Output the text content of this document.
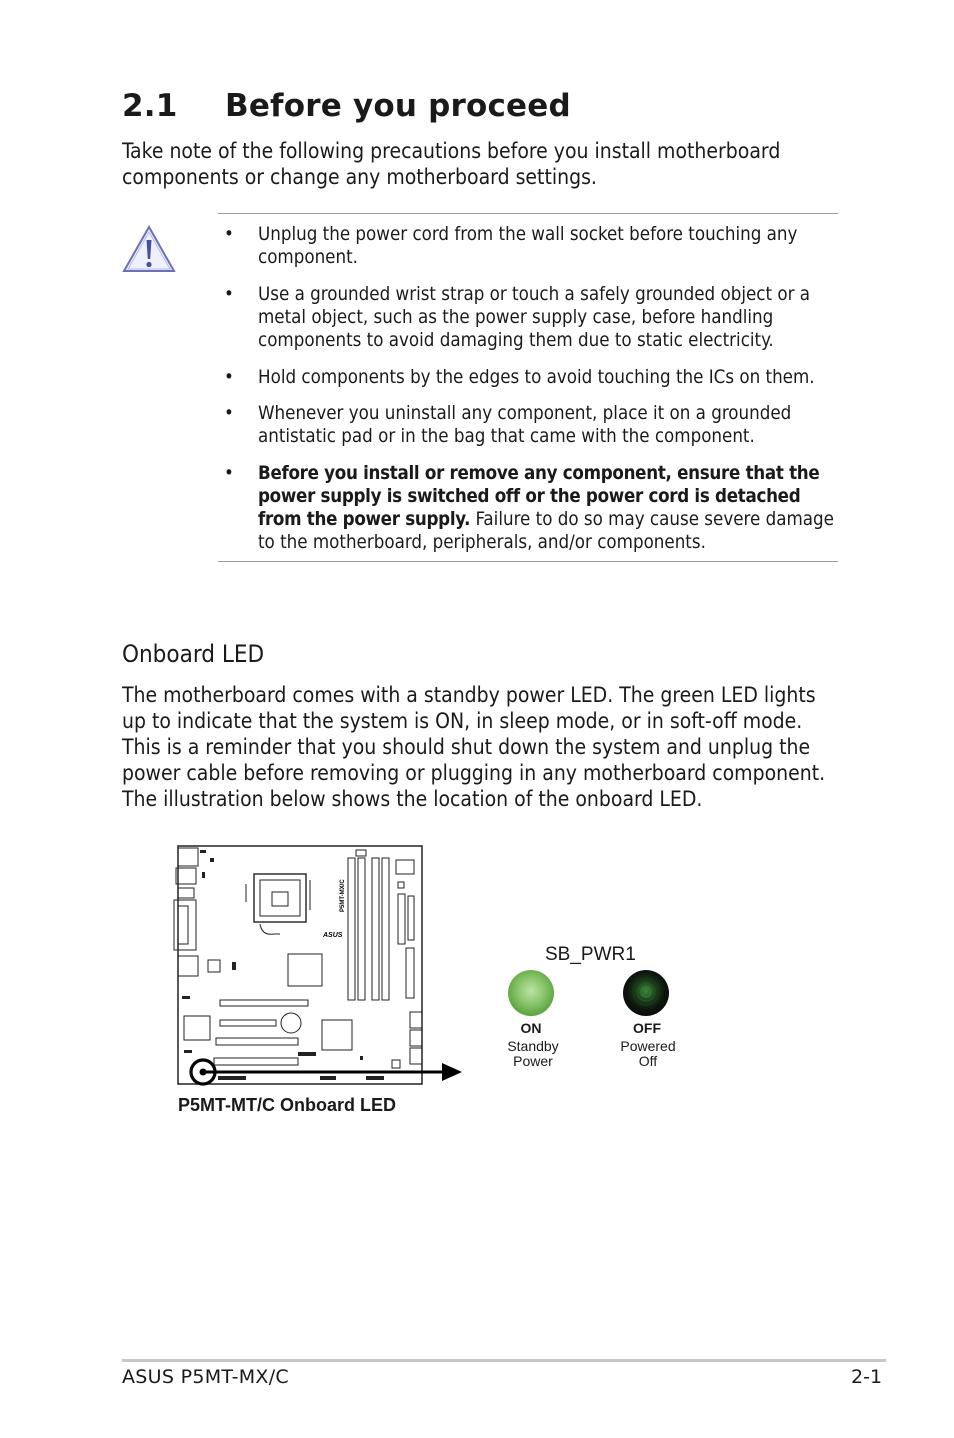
2.1 Before you proceed
Take note of the following precautions before you install motherboard components or change any motherboard settings.
• Unplug the power cord from the wall socket before touching any component.
• Use a grounded wrist strap or touch a safely grounded object or a metal object, such as the power supply case, before handling components to avoid damaging them due to static electricity.
• Hold components by the edges to avoid touching the ICs on them.
• Whenever you uninstall any component, place it on a grounded antistatic pad or in the bag that came with the component.
• Before you install or remove any component, ensure that the power supply is switched off or the power cord is detached from the power supply. Failure to do so may cause severe damage to the motherboard, peripherals, and/or components.
Onboard LED
The motherboard comes with a standby power LED. The green LED lights up to indicate that the system is ON, in sleep mode, or in soft-off mode. This is a reminder that you should shut down the system and unplug the power cable before removing or plugging in any motherboard component. The illustration below shows the location of the onboard LED.
P5MT-MX/C
ASUS
P5MT-MT/C Onboard LED
SB_PWR1
ON
Standby
Power
OFF
Powered
Off
ASUS P5MT-MX/C	2-1
